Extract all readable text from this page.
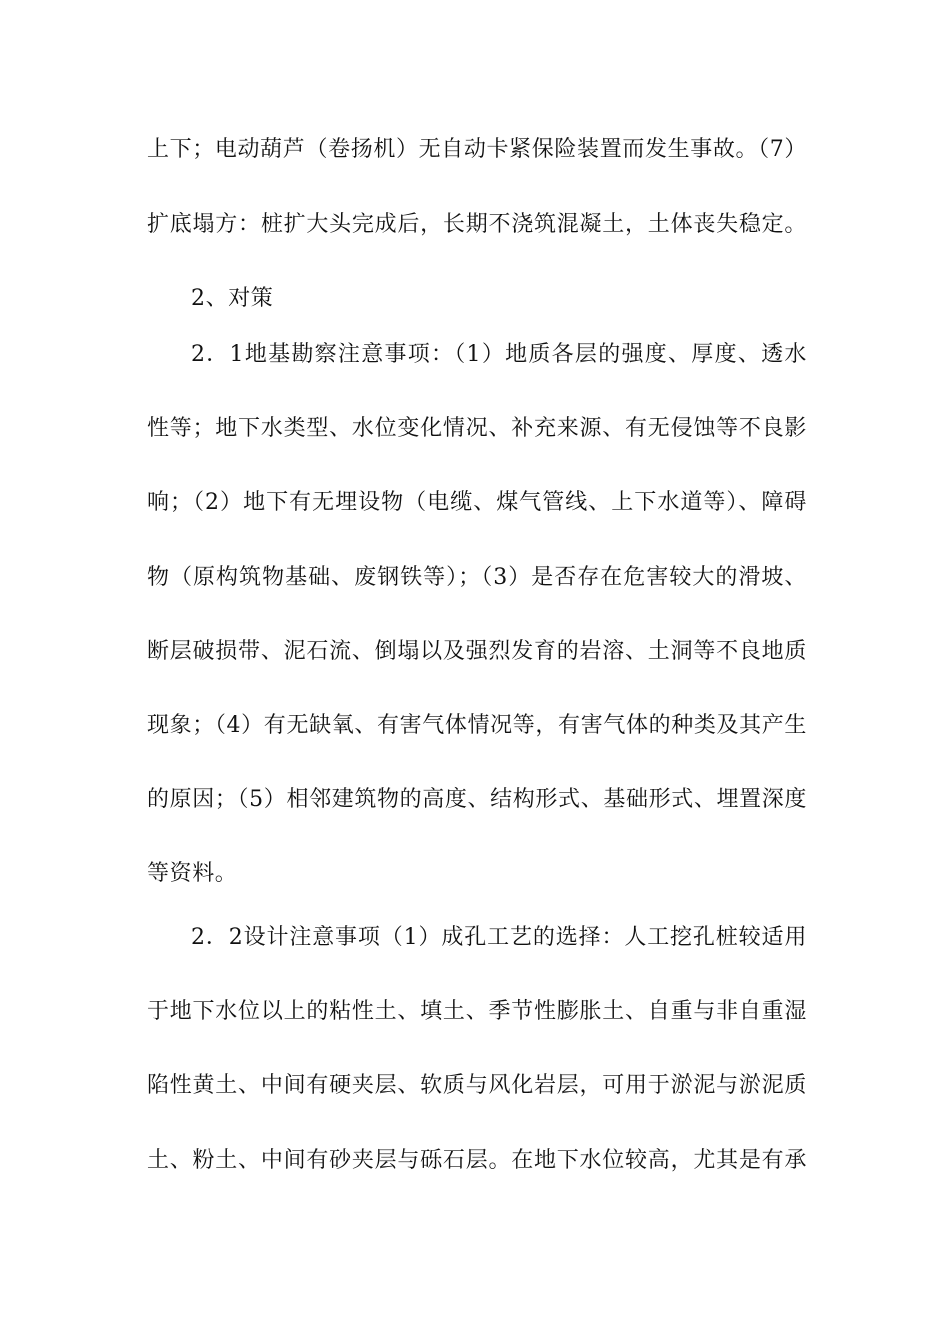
上下；电动葫芦（卷扬机）无自动卡紧保险装置而发生事故。（7）
扩底塌方：桩扩大头完成后，长期不浇筑混凝土，土体丧失稳定。
2、对策
2．1地基勘察注意事项：（1）地质各层的强度、厚度、透水
性等；地下水类型、水位变化情况、补充来源、有无侵蚀等不良影
响；（2）地下有无埋设物（电缆、煤气管线、上下水道等）、障碍
物（原构筑物基础、废钢铁等）；（3）是否存在危害较大的滑坡、
断层破损带、泥石流、倒塌以及强烈发育的岩溶、土洞等不良地质
现象；（4）有无缺氧、有害气体情况等，有害气体的种类及其产生
的原因；（5）相邻建筑物的高度、结构形式、基础形式、埋置深度
等资料。
2．2设计注意事项（1）成孔工艺的选择：人工挖孔桩较适用
于地下水位以上的粘性土、填土、季节性膨胀土、自重与非自重湿
陷性黄土、中间有硬夹层、软质与风化岩层，可用于淤泥与淤泥质
土、粉土、中间有砂夹层与砾石层。在地下水位较高，尤其是有承
